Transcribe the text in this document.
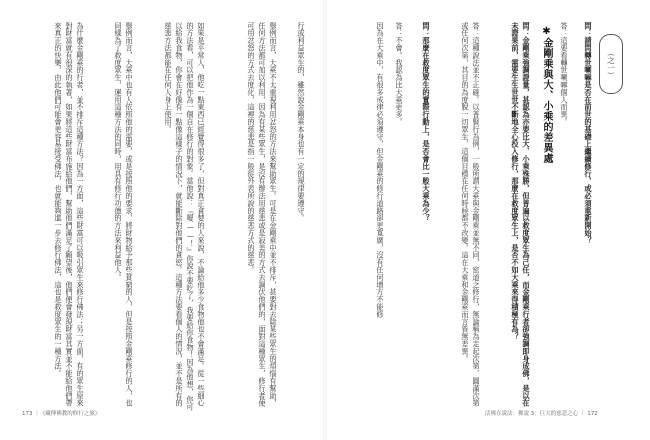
（之一）
問：請問轉世喇嘛是否在前世的基礎上繼續修行，或必須重新開始？
答：這要看轉世喇嘛個人而異。
✱金剛乘與大、小乘的差異處
問：金剛乘強調證量，甚認為亦要比大、小乘殊勝，但普遍以救度眾生為己任，而金剛乘行者卻強調即身成佛，是以在未證果前，需要生生世世不斷地全心投入修行，那麼在救度眾生上，是否不如大乘來得積極有為？
答：這種說法並不正確。以普賢行為例，一般所謂大乘與金剛乘並無不同，密道之修行，無論稱為走起次第、圓滿次第或任何次第，其目的為度脫一切眾生，這個目標在任何時候都不改變。這在大乘和金剛乘而言皆無差異。
問：那麼在救度眾生的實際行動上，是否會比一般大乘為少？
答：不會。我認為比大乘更多。
因為在大乘中，有很多戒律必須遵守，但金剛乘的修行道路卻更寬廣，沒有任何增方不能修
行或利益眾生的，雖然說金剛乘本身也有一定的規律要遵守。
舉例而言，大乘不太重視利用忿怒的方法來幫助眾生。可是在金剛乘中並不排斥，甚要對去除某些眾生的煩惱有幫助，任何方法都可加以利用，因為有某些眾生，是沒有辦法用慈悲或是寂美的方式去調伏他們的，面對這種眾生，修行者便可用忿怒的方式去度化，這裡的慈悲是指一般從外表所說的慈悲方式的慈悲。
如果是平常人，他吃一點東西已經覺得很多了，但對真正貪婪的人來說，不論給他多少食物他也不會滿足。從一些細心的方法看，可以把他作為一個自在修行的對象。當他說：『嗄——！』你說不要吃了，我要給你食物！因為他想，你可以給我食物，你會在好像有一點像這樣子的情況下，就能斷除對他們的貪慾。這種方法要看個人的情況，並不是所有的慈悲方法都能在任何人身上使用。
舉例而言，大乘中也有人依照他的需要，或是按照他的要求，將財物給予那些貧窮的人，但是按照金剛乘修行的人，也同樣為了救度眾生，運用這種方法的同時，用具有修行功德的方法來利益他人。
為什麼金剛乘的行者，並不排斥這種方法？因為一方面，這些財富可以吸引眾生來修行佛法；另一方面，有的眾生原來對財富就有很深的執著，如果將這些財富布施給他們，幫助他們滿足了願望後，他們便會發現財富其實並不能給他們帶來真正的快樂，由此他們可能會更容易接受佛法，也就能夠進一步去修行佛法，這也是救度眾生的一種方法。
173 ｜《藏傳佛教的修行之旅》	活佛在說法：佛說 3：巨大的慈悲之心 ｜ 172
